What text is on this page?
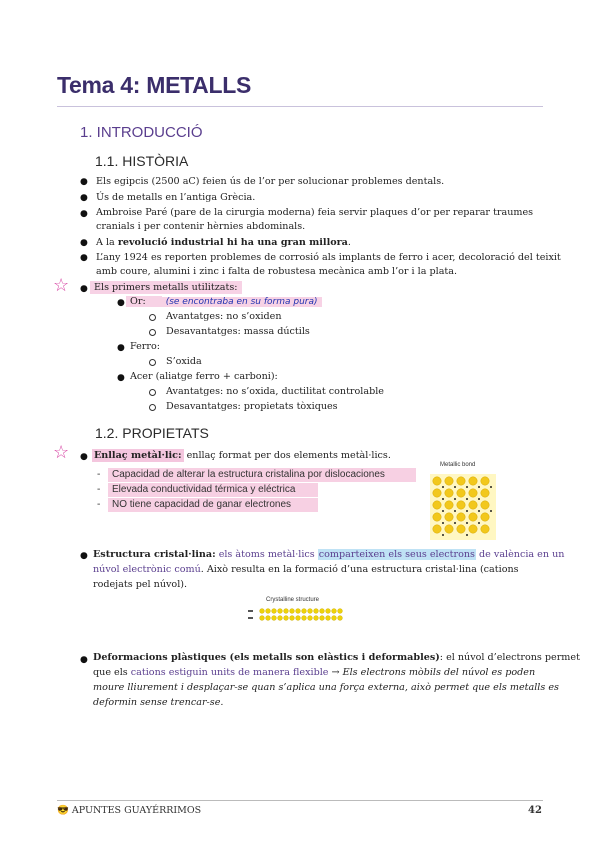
Tema 4: METALLS
1. INTRODUCCIÓ
1.1. HISTÒRIA
● Els egipcis (2500 aC) feien ús de l’or per solucionar problemes dentals.
● Ús de metalls en l’antiga Grècia.
● Ambroise Paré (pare de la cirurgia moderna) feia servir plaques d’or per reparar traumes
cranials i per contenir hèrnies abdominals.
● A la revolució industrial hi ha una gran millora.
● L’any 1924 es reporten problemes de corrosió als implants de ferro i acer, decoloració del teixit
amb coure, alumini i zinc i falta de robustesa mecànica amb l’or i la plata.
☆ ● Els primers metalls utilitzats:
● Or: (se encontraba en su forma pura)
Avantatges: no s’oxiden
Desavantatges: massa dúctils
● Ferro:
S’oxida
● Acer (aliatge ferro + carboni):
Avantatges: no s’oxida, ductilitat controlable
Desavantatges: propietats tòxiques
1.2. PROPIETATS
☆ ● Enllaç metàl·lic: enllaç format per dos elements metàl·lics.
-	Capacidad de alterar la estructura cristalina por dislocaciones
-	Elevada conductividad térmica y eléctrica
-	NO tiene capacidad de ganar electrones
Metallic bond
● Estructura cristal·lina: els àtoms metàl·lics comparteixen els seus electrons de valència en un
núvol electrònic comú. Això resulta en la formació d’una estructura cristal·lina (cations
rodejats pel núvol).
Crystalline structure
● Deformacions plàstiques (els metalls son elàstics i deformables): el núvol d’electrons permet
que els cations estiguin units de manera flexible → Els electrons mòbils del núvol es poden
moure lliurement i desplaçar-se quan s’aplica una força externa, això permet que els metalls es
deformin sense trencar-se.
😎 APUNTES GUAYÉRRIMOS	42
